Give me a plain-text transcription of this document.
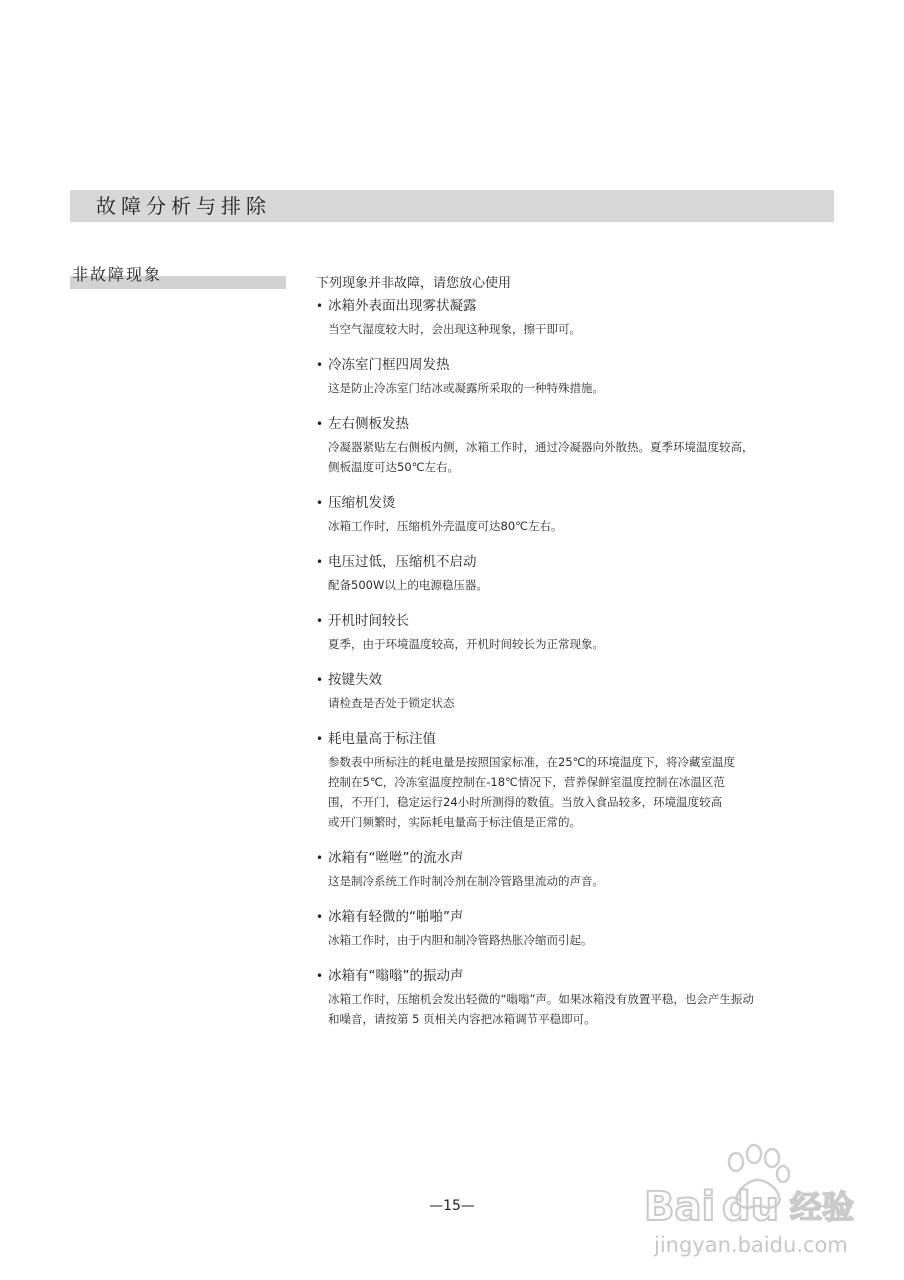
故障分析与排除
非故障现象	下列现象并非故障，请您放心使用
• 冰箱外表面出现雾状凝露

当空气湿度较大时，会出现这种现象，擦干即可。

• 冷冻室门框四周发热

这是防止冷冻室门结冰或凝露所采取的一种特殊措施。

• 左右侧板发热

冷凝器紧贴左右侧板内侧，冰箱工作时，通过冷凝器向外散热。夏季环境温度较高，

侧板温度可达50℃左右。

• 压缩机发烫

冰箱工作时，压缩机外壳温度可达80℃左右。

• 电压过低，压缩机不启动

配备500W以上的电源稳压器。

• 开机时间较长

夏季，由于环境温度较高，开机时间较长为正常现象。

• 按键失效

请检查是否处于锁定状态

• 耗电量高于标注值

参数表中所标注的耗电量是按照国家标准，在25℃的环境温度下，将冷藏室温度

控制在5℃，冷冻室温度控制在-18℃情况下，营养保鲜室温度控制在冰温区范

围，不开门，稳定运行24小时所测得的数值。当放入食品较多，环境温度较高

或开门频繁时，实际耗电量高于标注值是正常的。

• 冰箱有“咝咝”的流水声

这是制冷系统工作时制冷剂在制冷管路里流动的声音。

• 冰箱有轻微的“啪啪”声

冰箱工作时，由于内胆和制冷管路热胀冷缩而引起。

• 冰箱有“嗡嗡”的振动声

冰箱工作时，压缩机会发出轻微的“嗡嗡”声。如果冰箱没有放置平稳，也会产生振动

和噪音，请按第 5 页相关内容把冰箱调节平稳即可。

—15—	Bai du 经验
jingyan.baidu.com
